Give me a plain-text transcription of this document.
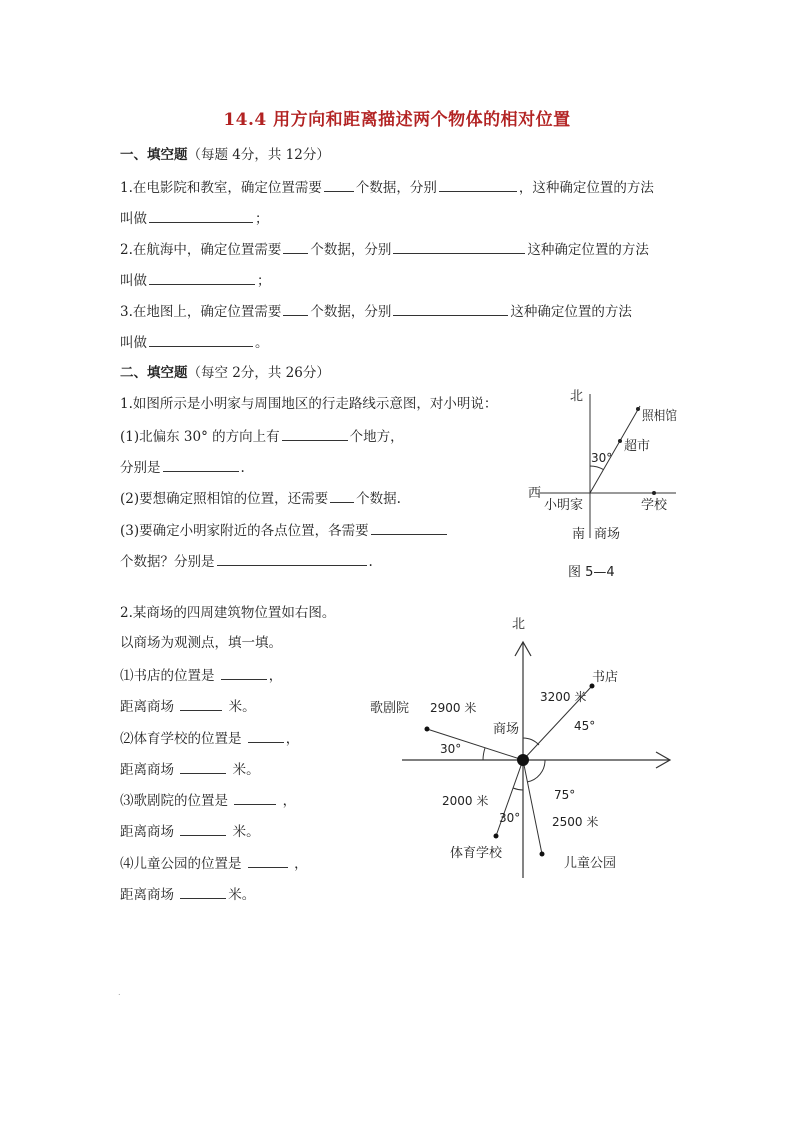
14.4 用方向和距离描述两个物体的相对位置
一、填空题（每题 4分，共 12分）
1.在电影院和教室，确定位置需要	个数据，分别	，这种确定位置的方法
叫做	；
2.在航海中，确定位置需要 个数据，分别	这种确定位置的方法
叫做	；
3.在地图上，确定位置需要 个数据，分别	这种确定位置的方法
叫做	。
二、填空题（每空 2分，共 26分）
1.如图所示是小明家与周围地区的行走路线示意图，对小明说：
(1)北偏东 30° 的方向上有	个地方，
分别是	.
(2)要想确定照相馆的位置，还需要 个数据.
(3)要确定小明家附近的各点位置，各需要
个数据？分别是	.
2.某商场的四周建筑物位置如右图。
以商场为观测点，填一填。
⑴书店的位置是	，
距离商场	米。
⑵体育学校的位置是	，
距离商场	米。
⑶歌剧院的位置是	，
距离商场	米。
⑷儿童公园的位置是	，
距离商场	米。
北
西
南
小明家	学校
商场
超市
照相馆
30°
图 5—4
北
书店
3200 米
45°
歌剧院 2900 米
30°
商场
2000 米
30°
体育学校
75°
2500 米
儿童公园
.
